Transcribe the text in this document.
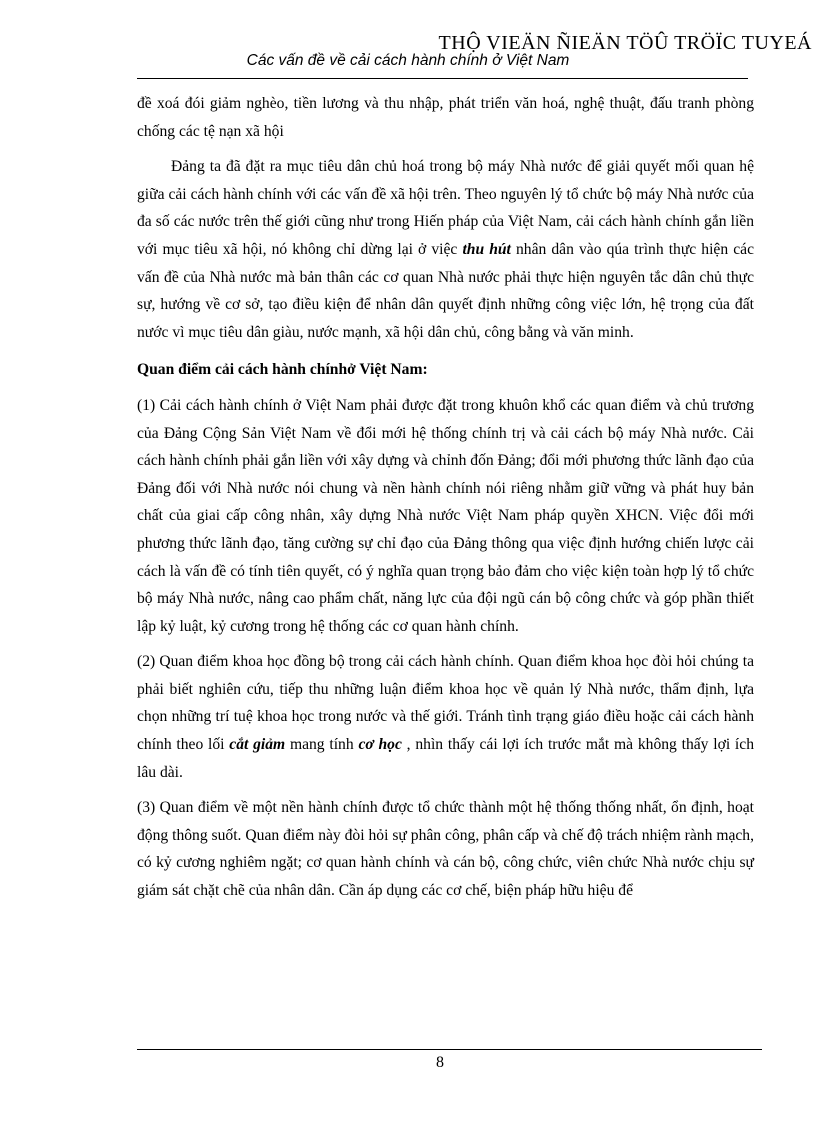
THỘ VIEÄN ÑIEÄN TÖÛ TRÖÏC TUYEÁ
Các vấn đề về cải cách hành chính ở Việt Nam

đề xoá đói giảm nghèo, tiền lương và thu nhập, phát triển văn hoá, nghệ thuật, đấu tranh phòng chống các tệ nạn xã hội

Đảng ta đã đặt ra mục tiêu dân chủ hoá trong bộ máy Nhà nước để giải quyết mối quan hệ giữa cải cách hành chính với các vấn đề xã hội trên. Theo nguyên lý tổ chức bộ máy Nhà nước của đa số các nước trên thế giới cũng như trong Hiến pháp của Việt Nam, cải cách hành chính gắn liền với mục tiêu xã hội, nó không chỉ dừng lại ở việc thu hút nhân dân vào qúa trình thực hiện các vấn đề của Nhà nước mà bản thân các cơ quan Nhà nước phải thực hiện nguyên tắc dân chủ thực sự, hướng về cơ sở, tạo điều kiện để nhân dân quyết định những công việc lớn, hệ trọng của đất nước vì mục tiêu dân giàu, nước mạnh, xã hội dân chủ, công bằng và văn minh.

Quan điểm cải cách hành chínhở Việt Nam:

(1) Cải cách hành chính ở Việt Nam phải được đặt trong khuôn khổ các quan điểm và chủ trương của Đảng Cộng Sản Việt Nam về đổi mới hệ thống chính trị và cải cách bộ máy Nhà nước. Cải cách hành chính phải gắn liền với xây dựng và chỉnh đốn Đảng; đổi mới phương thức lãnh đạo của Đảng đối với Nhà nước nói chung và nền hành chính nói riêng nhằm giữ vững và phát huy bản chất của giai cấp công nhân, xây dựng Nhà nước Việt Nam pháp quyền XHCN. Việc đổi mới phương thức lãnh đạo, tăng cường sự chỉ đạo của Đảng thông qua việc định hướng chiến lược cải cách là vấn đề có tính tiên quyết, có ý nghĩa quan trọng bảo đảm cho việc kiện toàn hợp lý tổ chức bộ máy Nhà nước, nâng cao phẩm chất, năng lực của đội ngũ cán bộ công chức và góp phần thiết lập kỷ luật, kỷ cương trong hệ thống các cơ quan hành chính.

(2) Quan điểm khoa học đồng bộ trong cải cách hành chính. Quan điểm khoa học đòi hỏi chúng ta phải biết nghiên cứu, tiếp thu những luận điểm khoa học về quản lý Nhà nước, thẩm định, lựa chọn những trí tuệ khoa học trong nước và thế giới. Tránh tình trạng giáo điều hoặc cải cách hành chính theo lối cắt giảm mang tính cơ học , nhìn thấy cái lợi ích trước mắt mà không thấy lợi ích lâu dài.

(3) Quan điểm về một nền hành chính được tổ chức thành một hệ thống thống nhất, ổn định, hoạt động thông suốt. Quan điểm này đòi hỏi sự phân công, phân cấp và chế độ trách nhiệm rành mạch, có kỷ cương nghiêm ngặt; cơ quan hành chính và cán bộ, công chức, viên chức Nhà nước chịu sự giám sát chặt chẽ của nhân dân. Cần áp dụng các cơ chế, biện pháp hữu hiệu để

8
